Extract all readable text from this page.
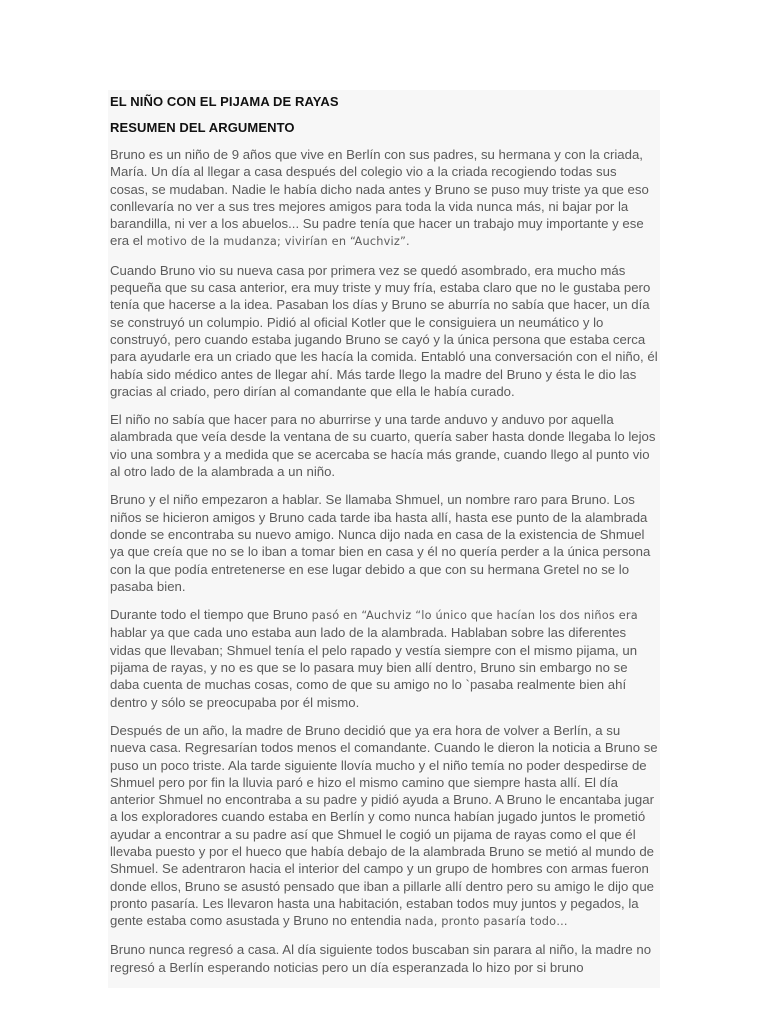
EL NIÑO CON EL PIJAMA DE RAYAS

RESUMEN DEL ARGUMENTO

Bruno es un niño de 9 años que vive en Berlín con sus padres, su hermana y con la criada, María. Un día al llegar a casa después del colegio vio a la criada recogiendo todas sus cosas, se mudaban. Nadie le había dicho nada antes y Bruno se puso muy triste ya que eso conllevaría no ver a sus tres mejores amigos para toda la vida nunca más, ni bajar por la barandilla, ni ver a los abuelos... Su padre tenía que hacer un trabajo muy importante y ese era el motivo de la mudanza; vivirían en “Auchviz”.

Cuando Bruno vio su nueva casa por primera vez se quedó asombrado, era mucho más pequeña que su casa anterior, era muy triste y muy fría, estaba claro que no le gustaba pero tenía que hacerse a la idea. Pasaban los días y Bruno se aburría no sabía que hacer, un día se construyó un columpio. Pidió al oficial Kotler que le consiguiera un neumático y lo construyó, pero cuando estaba jugando Bruno se cayó y la única persona que estaba cerca para ayudarle era un criado que les hacía la comida. Entabló una conversación con el niño, él había sido médico antes de llegar ahí. Más tarde llego la madre del Bruno y ésta le dio las gracias al criado, pero dirían al comandante que ella le había curado.

El niño no sabía que hacer para no aburrirse y una tarde anduvo y anduvo por aquella alambrada que veía desde la ventana de su cuarto, quería saber hasta donde llegaba lo lejos vio una sombra y a medida que se acercaba se hacía más grande, cuando llego al punto vio al otro lado de la alambrada a un niño.

Bruno y el niño empezaron a hablar. Se llamaba Shmuel, un nombre raro para Bruno. Los niños se hicieron amigos y Bruno cada tarde iba hasta allí, hasta ese punto de la alambrada donde se encontraba su nuevo amigo. Nunca dijo nada en casa de la existencia de Shmuel ya que creía que no se lo iban a tomar bien en casa y él no quería perder a la única persona con la que podía entretenerse en ese lugar debido a que con su hermana Gretel no se lo pasaba bien.

Durante todo el tiempo que Bruno pasó en “Auchviz “lo único que hacían los dos niños era hablar ya que cada uno estaba aun lado de la alambrada. Hablaban sobre las diferentes vidas que llevaban; Shmuel tenía el pelo rapado y vestía siempre con el mismo pijama, un pijama de rayas, y no es que se lo pasara muy bien allí dentro, Bruno sin embargo no se daba cuenta de muchas cosas, como de que su amigo no lo `pasaba realmente bien ahí dentro y sólo se preocupaba por él mismo.

Después de un año, la madre de Bruno decidió que ya era hora de volver a Berlín, a su nueva casa. Regresarían todos menos el comandante. Cuando le dieron la noticia a Bruno se puso un poco triste. Ala tarde siguiente llovía mucho y el niño temía no poder despedirse de Shmuel pero por fin la lluvia paró e hizo el mismo camino que siempre hasta allí. El día anterior Shmuel no encontraba a su padre y pidió ayuda a Bruno. A Bruno le encantaba jugar a los exploradores cuando estaba en Berlín y como nunca habían jugado juntos le prometió ayudar a encontrar a su padre así que Shmuel le cogió un pijama de rayas como el que él llevaba puesto y por el hueco que había debajo de la alambrada Bruno se metió al mundo de Shmuel. Se adentraron hacia el interior del campo y un grupo de hombres con armas fueron donde ellos, Bruno se asustó pensado que iban a pillarle allí dentro pero su amigo le dijo que pronto pasaría. Les llevaron hasta una habitación, estaban todos muy juntos y pegados, la gente estaba como asustada y Bruno no entendia nada, pronto pasaría todo…

Bruno nunca regresó a casa. Al día siguiente todos buscaban sin parara al niño, la madre no regresó a Berlín esperando noticias pero un día esperanzada lo hizo por si bruno
